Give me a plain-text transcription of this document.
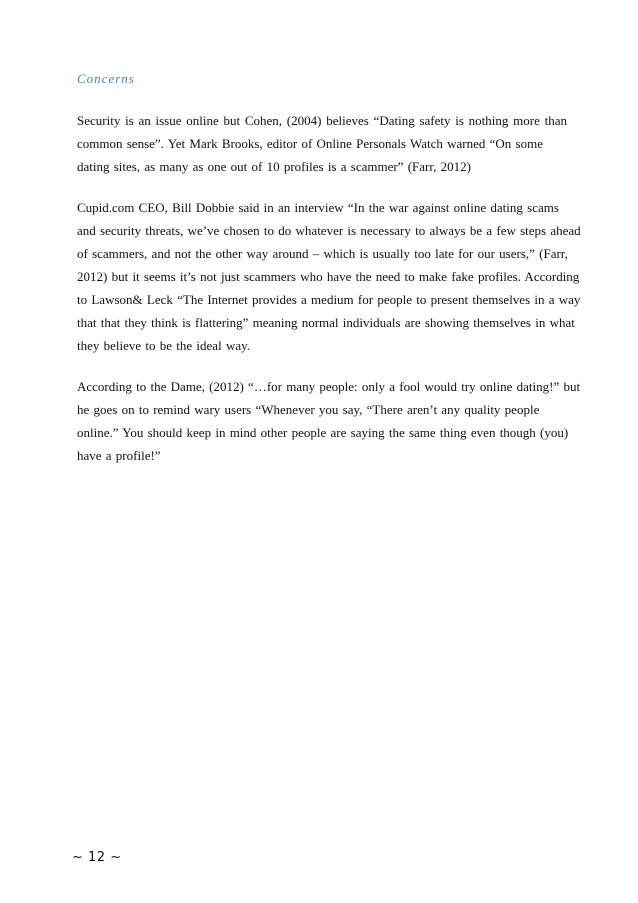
Concerns
Security is an issue online but Cohen, (2004) believes “Dating safety is nothing more than
common sense”. Yet Mark Brooks, editor of Online Personals Watch warned “On some
dating sites, as many as one out of 10 profiles is a scammer” (Farr, 2012)
Cupid.com CEO, Bill Dobbie said in an interview “In the war against online dating scams
and security threats, we’ve chosen to do whatever is necessary to always be a few steps ahead
of scammers, and not the other way around – which is usually too late for our users,” (Farr,
2012) but it seems it’s not just scammers who have the need to make fake profiles. According
to Lawson& Leck “The Internet provides a medium for people to present themselves in a way
that that they think is flattering” meaning normal individuals are showing themselves in what
they believe to be the ideal way.
According to the Dame, (2012) “…for many people: only a fool would try online dating!” but
he goes on to remind wary users “Whenever you say, “There aren’t any quality people
online.” You should keep in mind other people are saying the same thing even though (you)
have a profile!”
~ 12 ~
